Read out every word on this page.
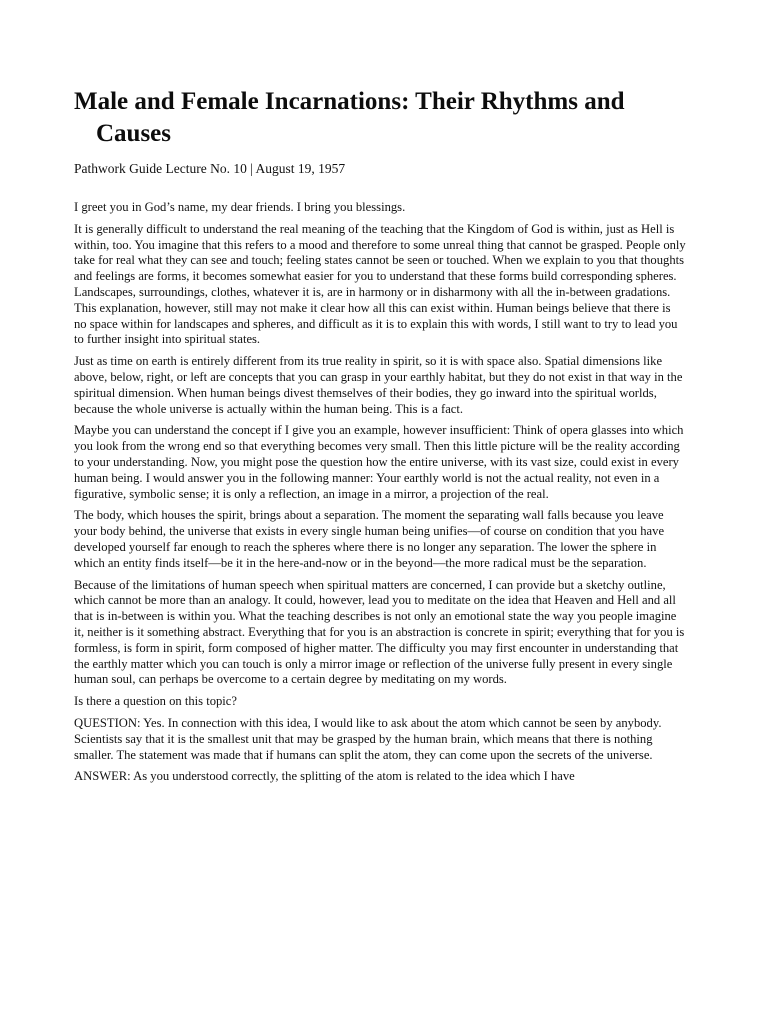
Male and Female Incarnations: Their Rhythms and Causes
Pathwork Guide Lecture No. 10 | August 19, 1957

I greet you in God’s name, my dear friends. I bring you blessings.

It is generally difficult to understand the real meaning of the teaching that the Kingdom of God is within, just as Hell is within, too. You imagine that this refers to a mood and therefore to some unreal thing that cannot be grasped. People only take for real what they can see and touch; feeling states cannot be seen or touched. When we explain to you that thoughts and feelings are forms, it becomes somewhat easier for you to understand that these forms build corresponding spheres. Landscapes, surroundings, clothes, whatever it is, are in harmony or in disharmony with all the in-between gradations. This explanation, however, still may not make it clear how all this can exist within. Human beings believe that there is no space within for landscapes and spheres, and difficult as it is to explain this with words, I still want to try to lead you to further insight into spiritual states.

Just as time on earth is entirely different from its true reality in spirit, so it is with space also. Spatial dimensions like above, below, right, or left are concepts that you can grasp in your earthly habitat, but they do not exist in that way in the spiritual dimension. When human beings divest themselves of their bodies, they go inward into the spiritual worlds, because the whole universe is actually within the human being. This is a fact.

Maybe you can understand the concept if I give you an example, however insufficient: Think of opera glasses into which you look from the wrong end so that everything becomes very small. Then this little picture will be the reality according to your understanding. Now, you might pose the question how the entire universe, with its vast size, could exist in every human being. I would answer you in the following manner: Your earthly world is not the actual reality, not even in a figurative, symbolic sense; it is only a reflection, an image in a mirror, a projection of the real.

The body, which houses the spirit, brings about a separation. The moment the separating wall falls because you leave your body behind, the universe that exists in every single human being unifies—of course on condition that you have developed yourself far enough to reach the spheres where there is no longer any separation. The lower the sphere in which an entity finds itself—be it in the here-and-now or in the beyond—the more radical must be the separation.

Because of the limitations of human speech when spiritual matters are concerned, I can provide but a sketchy outline, which cannot be more than an analogy. It could, however, lead you to meditate on the idea that Heaven and Hell and all that is in-between is within you. What the teaching describes is not only an emotional state the way you people imagine it, neither is it something abstract. Everything that for you is an abstraction is concrete in spirit; everything that for you is formless, is form in spirit, form composed of higher matter. The difficulty you may first encounter in understanding that the earthly matter which you can touch is only a mirror image or reflection of the universe fully present in every single human soul, can perhaps be overcome to a certain degree by meditating on my words.

Is there a question on this topic?

QUESTION: Yes. In connection with this idea, I would like to ask about the atom which cannot be seen by anybody. Scientists say that it is the smallest unit that may be grasped by the human brain, which means that there is nothing smaller. The statement was made that if humans can split the atom, they can come upon the secrets of the universe.

ANSWER: As you understood correctly, the splitting of the atom is related to the idea which I have
